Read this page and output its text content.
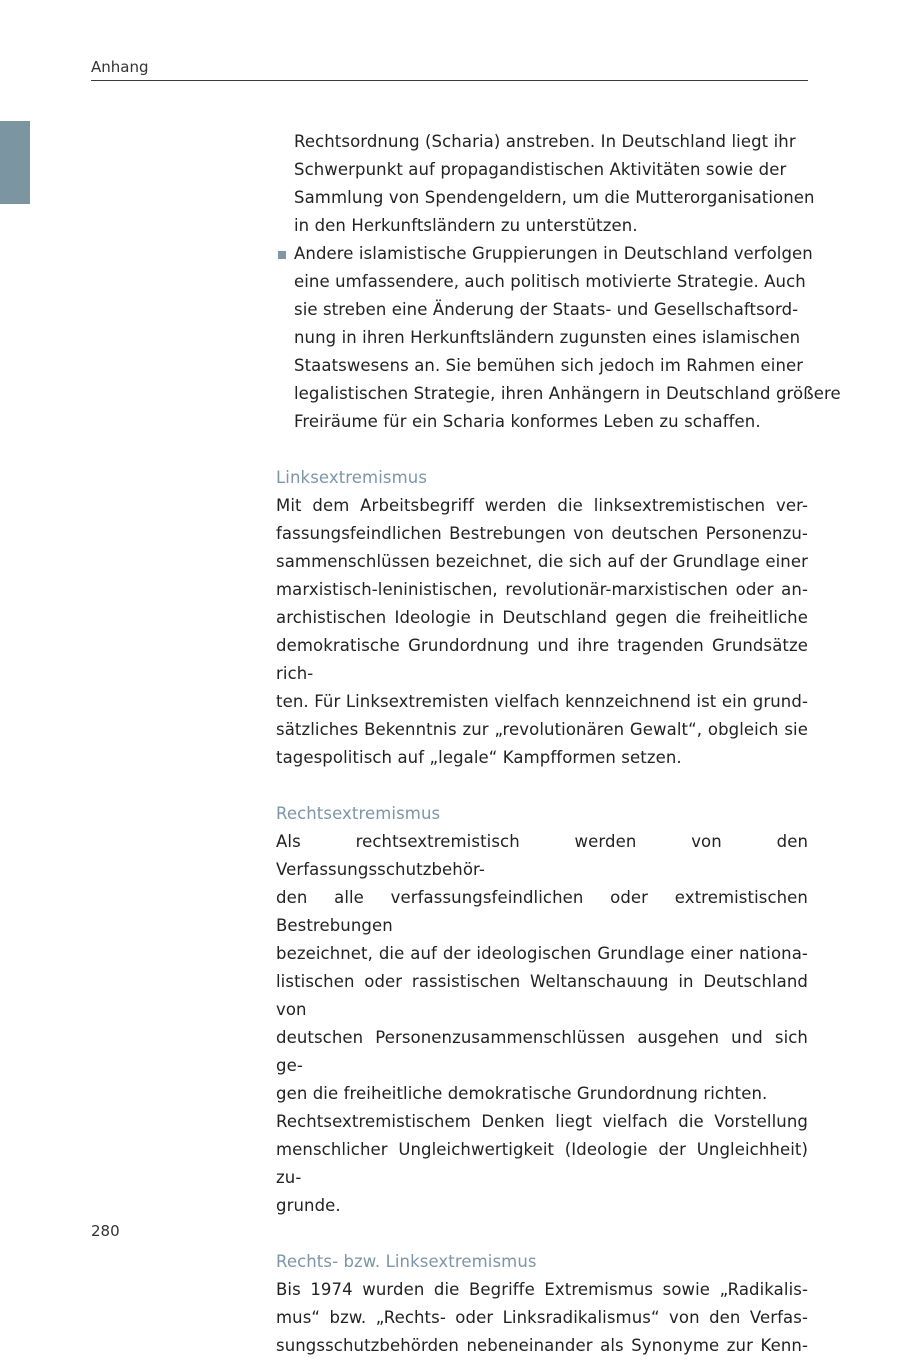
Anhang
Rechtsordnung (Scharia) anstreben. In Deutschland liegt ihr
Schwerpunkt auf propagandistischen Aktivitäten sowie der
Sammlung von Spendengeldern, um die Mutterorganisationen
in den Herkunftsländern zu unterstützen.
Andere islamistische Gruppierungen in Deutschland verfolgen
eine umfassendere, auch politisch motivierte Strategie. Auch
sie streben eine Änderung der Staats- und Gesellschaftsord-
nung in ihren Herkunftsländern zugunsten eines islamischen
Staatswesens an. Sie bemühen sich jedoch im Rahmen einer
legalistischen Strategie, ihren Anhängern in Deutschland größere
Freiräume für ein Scharia konformes Leben zu schaffen.
Linksextremismus
Mit dem Arbeitsbegriff werden die linksextremistischen ver-
fassungsfeindlichen Bestrebungen von deutschen Personenzu-
sammenschlüssen bezeichnet, die sich auf der Grundlage einer
marxistisch-leninistischen, revolutionär-marxistischen oder an-
archistischen Ideologie in Deutschland gegen die freiheitliche
demokratische Grundordnung und ihre tragenden Grundsätze rich-
ten. Für Linksextremisten vielfach kennzeichnend ist ein grund-
sätzliches Bekenntnis zur „revolutionären Gewalt“, obgleich sie
tagespolitisch auf „legale“ Kampfformen setzen.
Rechtsextremismus
Als rechtsextremistisch werden von den Verfassungsschutzbehör-
den alle verfassungsfeindlichen oder extremistischen Bestrebungen
bezeichnet, die auf der ideologischen Grundlage einer nationa-
listischen oder rassistischen Weltanschauung in Deutschland von
deutschen Personenzusammenschlüssen ausgehen und sich ge-
gen die freiheitliche demokratische Grundordnung richten.
Rechtsextremistischem Denken liegt vielfach die Vorstellung
menschlicher Ungleichwertigkeit (Ideologie der Ungleichheit) zu-
grunde.
Rechts- bzw. Linksextremismus
Bis 1974 wurden die Begriffe Extremismus sowie „Radikalis-
mus“ bzw. „Rechts- oder Linksradikalismus“ von den Verfas-
sungsschutzbehörden nebeneinander als Synonyme zur Kenn-
280
